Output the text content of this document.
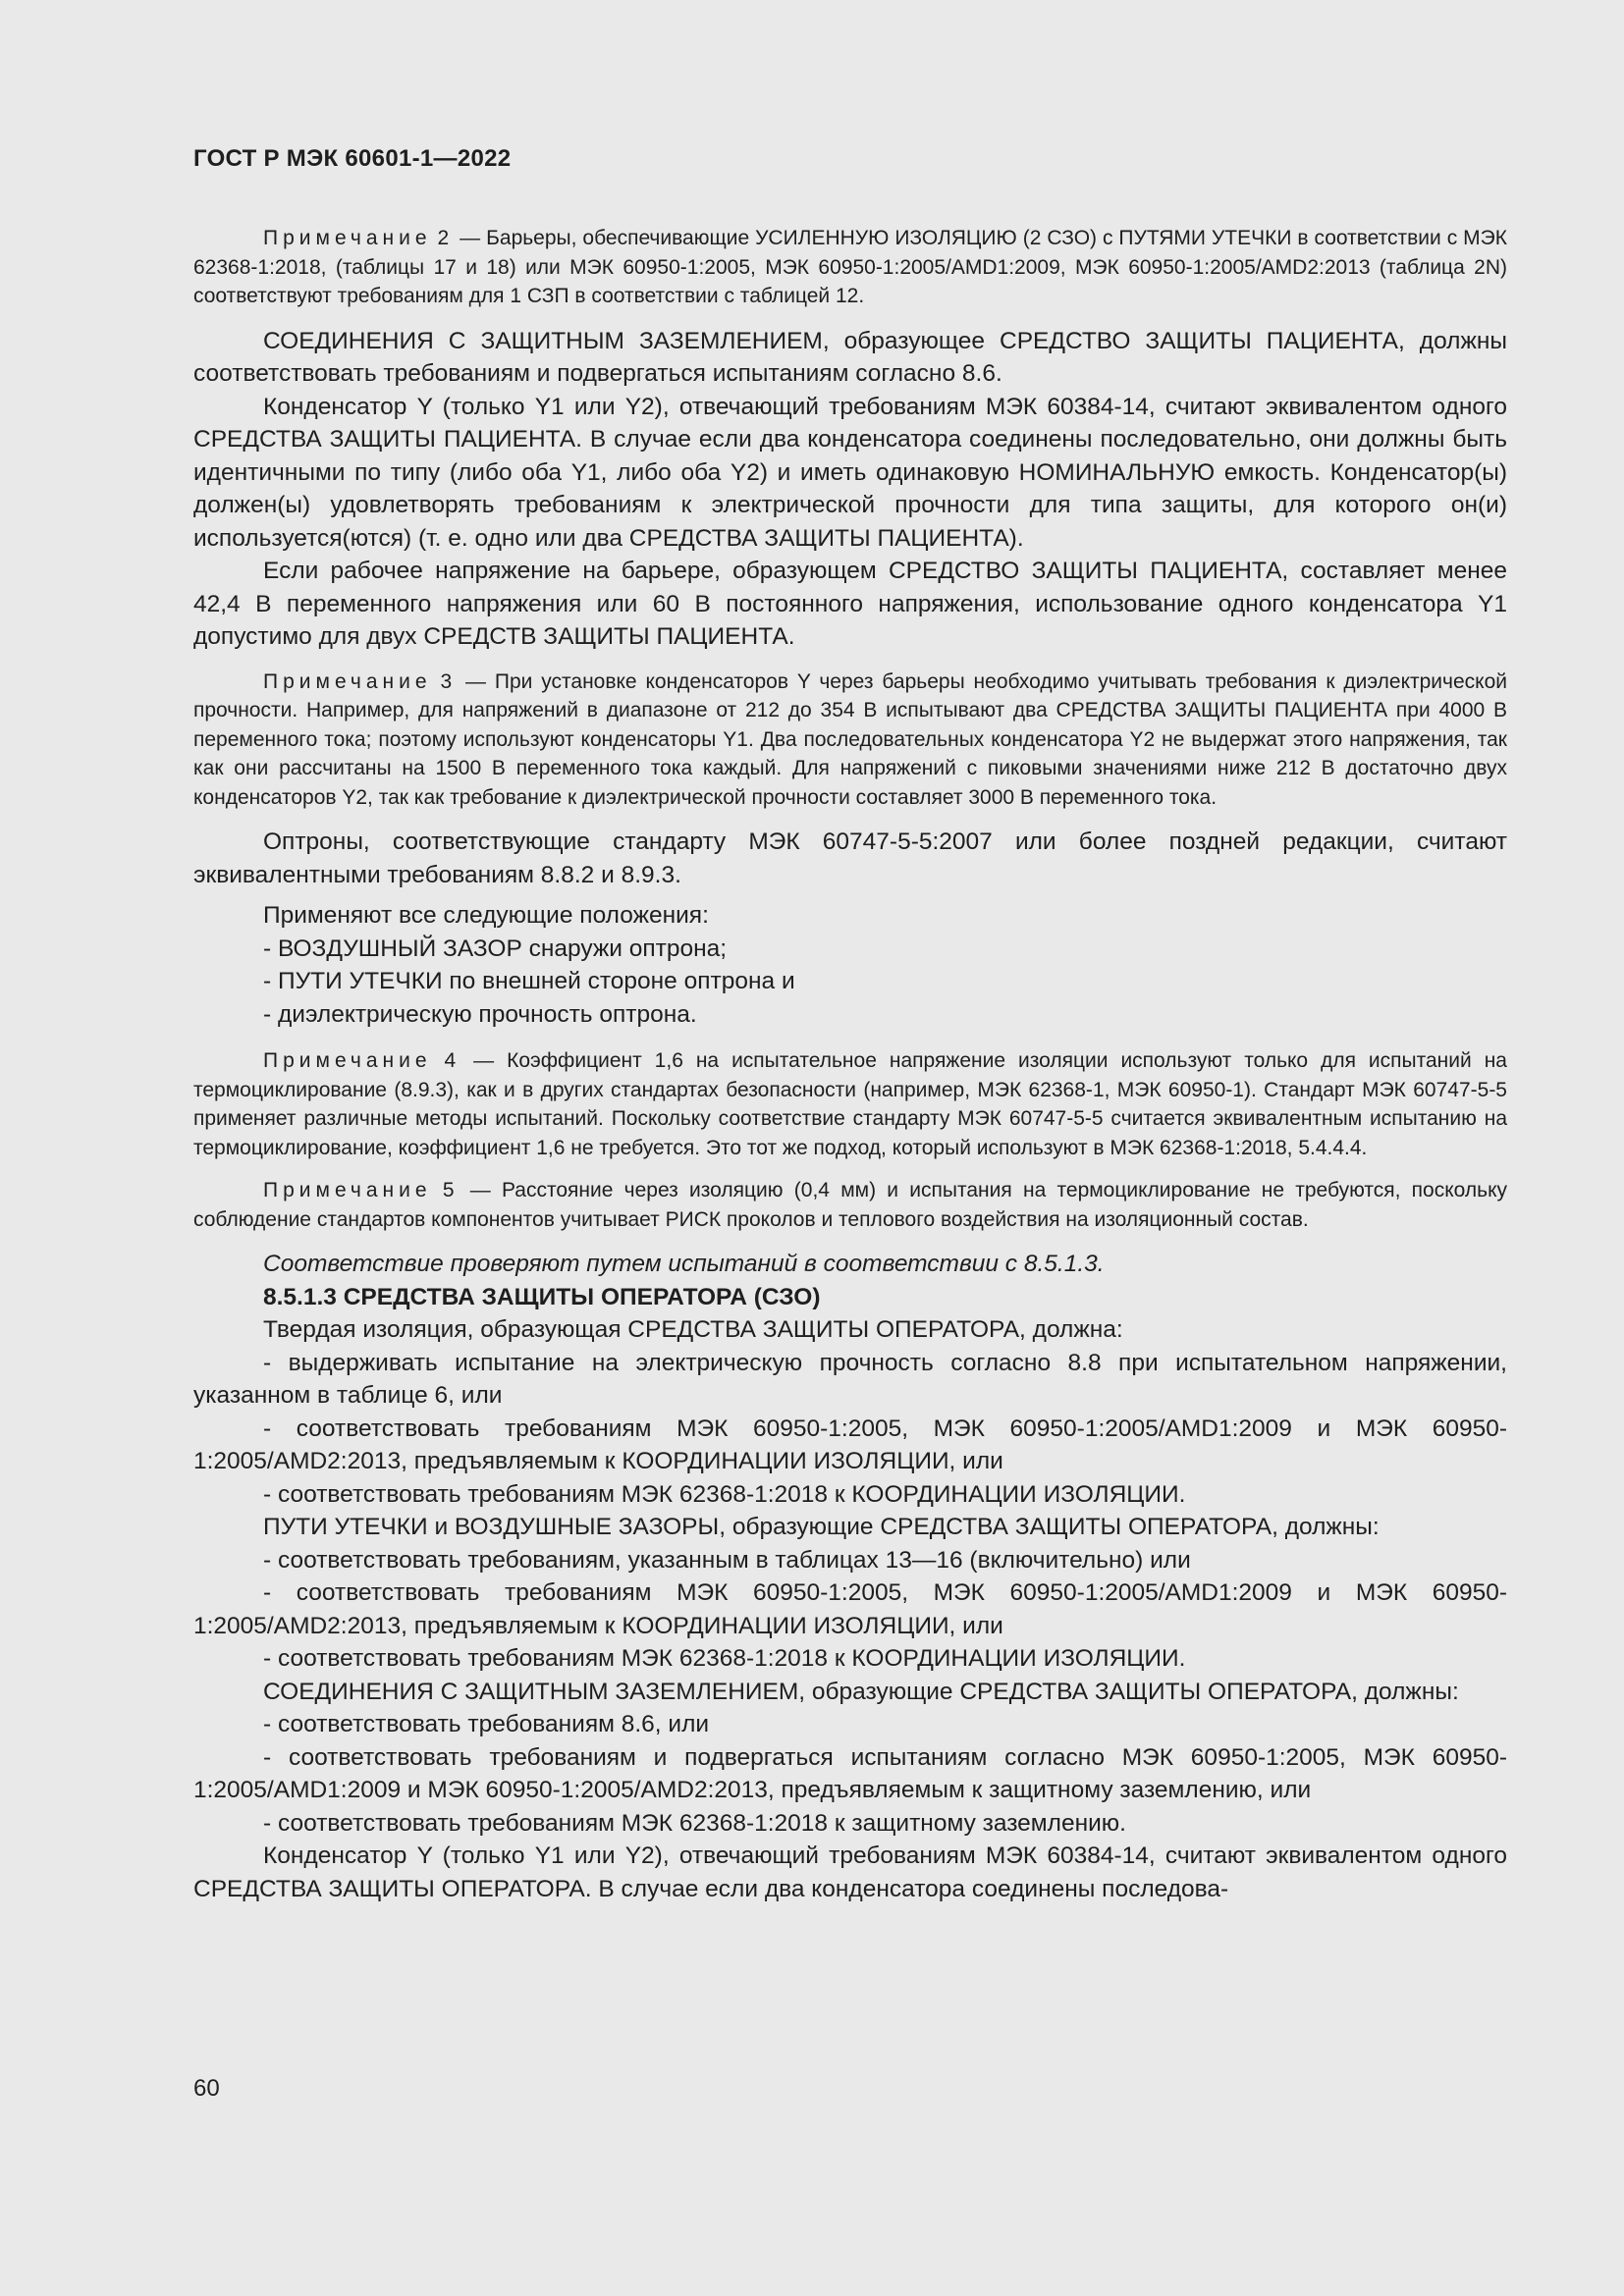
ГОСТ Р МЭК 60601-1—2022

Примечание 2 — Барьеры, обеспечивающие УСИЛЕННУЮ ИЗОЛЯЦИЮ (2 СЗО) с ПУТЯМИ УТЕЧКИ в соответствии с МЭК 62368-1:2018, (таблицы 17 и 18) или МЭК 60950-1:2005, МЭК 60950-1:2005/AMD1:2009, МЭК 60950-1:2005/AMD2:2013 (таблица 2N) соответствуют требованиям для 1 СЗП в соответствии с таблицей 12.

СОЕДИНЕНИЯ С ЗАЩИТНЫМ ЗАЗЕМЛЕНИЕМ, образующее СРЕДСТВО ЗАЩИТЫ ПАЦИЕНТА, должны соответствовать требованиям и подвергаться испытаниям согласно 8.6.

Конденсатор Y (только Y1 или Y2), отвечающий требованиям МЭК 60384-14, считают эквивалентом одного СРЕДСТВА ЗАЩИТЫ ПАЦИЕНТА. В случае если два конденсатора соединены последовательно, они должны быть идентичными по типу (либо оба Y1, либо оба Y2) и иметь одинаковую НОМИНАЛЬНУЮ емкость. Конденсатор(ы) должен(ы) удовлетворять требованиям к электрической прочности для типа защиты, для которого он(и) используется(ются) (т. е. одно или два СРЕДСТВА ЗАЩИТЫ ПАЦИЕНТА).

Если рабочее напряжение на барьере, образующем СРЕДСТВО ЗАЩИТЫ ПАЦИЕНТА, составляет менее 42,4 В переменного напряжения или 60 В постоянного напряжения, использование одного конденсатора Y1 допустимо для двух СРЕДСТВ ЗАЩИТЫ ПАЦИЕНТА.

Примечание 3 — При установке конденсаторов Y через барьеры необходимо учитывать требования к диэлектрической прочности. Например, для напряжений в диапазоне от 212 до 354 В испытывают два СРЕДСТВА ЗАЩИТЫ ПАЦИЕНТА при 4000 В переменного тока; поэтому используют конденсаторы Y1. Два последовательных конденсатора Y2 не выдержат этого напряжения, так как они рассчитаны на 1500 В переменного тока каждый. Для напряжений с пиковыми значениями ниже 212 В достаточно двух конденсаторов Y2, так как требование к диэлектрической прочности составляет 3000 В переменного тока.

Оптроны, соответствующие стандарту МЭК 60747-5-5:2007 или более поздней редакции, считают эквивалентными требованиям 8.8.2 и 8.9.3.

Применяют все следующие положения:

- ВОЗДУШНЫЙ ЗАЗОР снаружи оптрона;

- ПУТИ УТЕЧКИ по внешней стороне оптрона и

- диэлектрическую прочность оптрона.

Примечание 4 — Коэффициент 1,6 на испытательное напряжение изоляции используют только для испытаний на термоциклирование (8.9.3), как и в других стандартах безопасности (например, МЭК 62368-1, МЭК 60950-1). Стандарт МЭК 60747-5-5 применяет различные методы испытаний. Поскольку соответствие стандарту МЭК 60747-5-5 считается эквивалентным испытанию на термоциклирование, коэффициент 1,6 не требуется. Это тот же подход, который используют в МЭК 62368-1:2018, 5.4.4.4.

Примечание 5 — Расстояние через изоляцию (0,4 мм) и испытания на термоциклирование не требуются, поскольку соблюдение стандартов компонентов учитывает РИСК проколов и теплового воздействия на изоляционный состав.

Соответствие проверяют путем испытаний в соответствии с 8.5.1.3.

8.5.1.3 СРЕДСТВА ЗАЩИТЫ ОПЕРАТОРА (СЗО)

Твердая изоляция, образующая СРЕДСТВА ЗАЩИТЫ ОПЕРАТОРА, должна:

- выдерживать испытание на электрическую прочность согласно 8.8 при испытательном напряжении, указанном в таблице 6, или

- соответствовать требованиям МЭК 60950-1:2005, МЭК 60950-1:2005/AMD1:2009 и МЭК 60950-1:2005/AMD2:2013, предъявляемым к КООРДИНАЦИИ ИЗОЛЯЦИИ, или

- соответствовать требованиям МЭК 62368-1:2018 к КООРДИНАЦИИ ИЗОЛЯЦИИ.

ПУТИ УТЕЧКИ и ВОЗДУШНЫЕ ЗАЗОРЫ, образующие СРЕДСТВА ЗАЩИТЫ ОПЕРАТОРА, должны:

- соответствовать требованиям, указанным в таблицах 13—16 (включительно) или

- соответствовать требованиям МЭК 60950-1:2005, МЭК 60950-1:2005/AMD1:2009 и МЭК 60950-1:2005/AMD2:2013, предъявляемым к КООРДИНАЦИИ ИЗОЛЯЦИИ, или

- соответствовать требованиям МЭК 62368-1:2018 к КООРДИНАЦИИ ИЗОЛЯЦИИ.

СОЕДИНЕНИЯ С ЗАЩИТНЫМ ЗАЗЕМЛЕНИЕМ, образующие СРЕДСТВА ЗАЩИТЫ ОПЕРАТОРА, должны:

- соответствовать требованиям 8.6, или

- соответствовать требованиям и подвергаться испытаниям согласно МЭК 60950-1:2005, МЭК 60950-1:2005/AMD1:2009 и МЭК 60950-1:2005/AMD2:2013, предъявляемым к защитному заземлению, или

- соответствовать требованиям МЭК 62368-1:2018 к защитному заземлению.

Конденсатор Y (только Y1 или Y2), отвечающий требованиям МЭК 60384-14, считают эквивалентом одного СРЕДСТВА ЗАЩИТЫ ОПЕРАТОРА. В случае если два конденсатора соединены последова-

60
